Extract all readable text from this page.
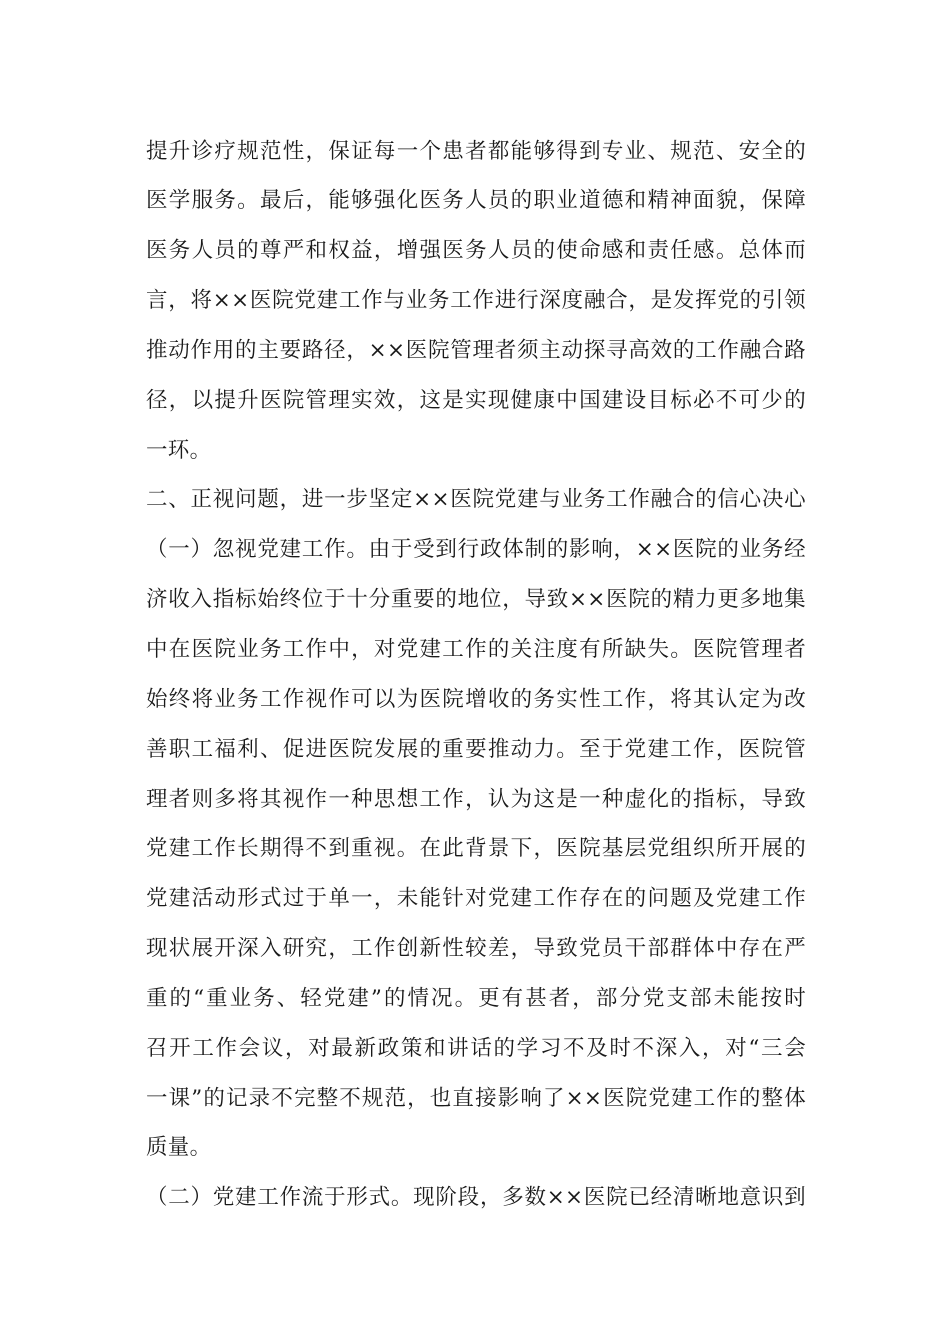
提升诊疗规范性，保证每一个患者都能够得到专业、规范、安全的
医学服务。最后，能够强化医务人员的职业道德和精神面貌，保障
医务人员的尊严和权益，增强医务人员的使命感和责任感。总体而
言，将××医院党建工作与业务工作进行深度融合，是发挥党的引领
推动作用的主要路径，××医院管理者须主动探寻高效的工作融合路
径，以提升医院管理实效，这是实现健康中国建设目标必不可少的
一环。
二、正视问题，进一步坚定××医院党建与业务工作融合的信心决心
（一）忽视党建工作。由于受到行政体制的影响，××医院的业务经
济收入指标始终位于十分重要的地位，导致××医院的精力更多地集
中在医院业务工作中，对党建工作的关注度有所缺失。医院管理者
始终将业务工作视作可以为医院增收的务实性工作，将其认定为改
善职工福利、促进医院发展的重要推动力。至于党建工作，医院管
理者则多将其视作一种思想工作，认为这是一种虚化的指标，导致
党建工作长期得不到重视。在此背景下，医院基层党组织所开展的
党建活动形式过于单一，未能针对党建工作存在的问题及党建工作
现状展开深入研究，工作创新性较差，导致党员干部群体中存在严
重的“重业务、轻党建”的情况。更有甚者，部分党支部未能按时
召开工作会议，对最新政策和讲话的学习不及时不深入，对“三会
一课”的记录不完整不规范，也直接影响了××医院党建工作的整体
质量。
（二）党建工作流于形式。现阶段，多数××医院已经清晰地意识到
